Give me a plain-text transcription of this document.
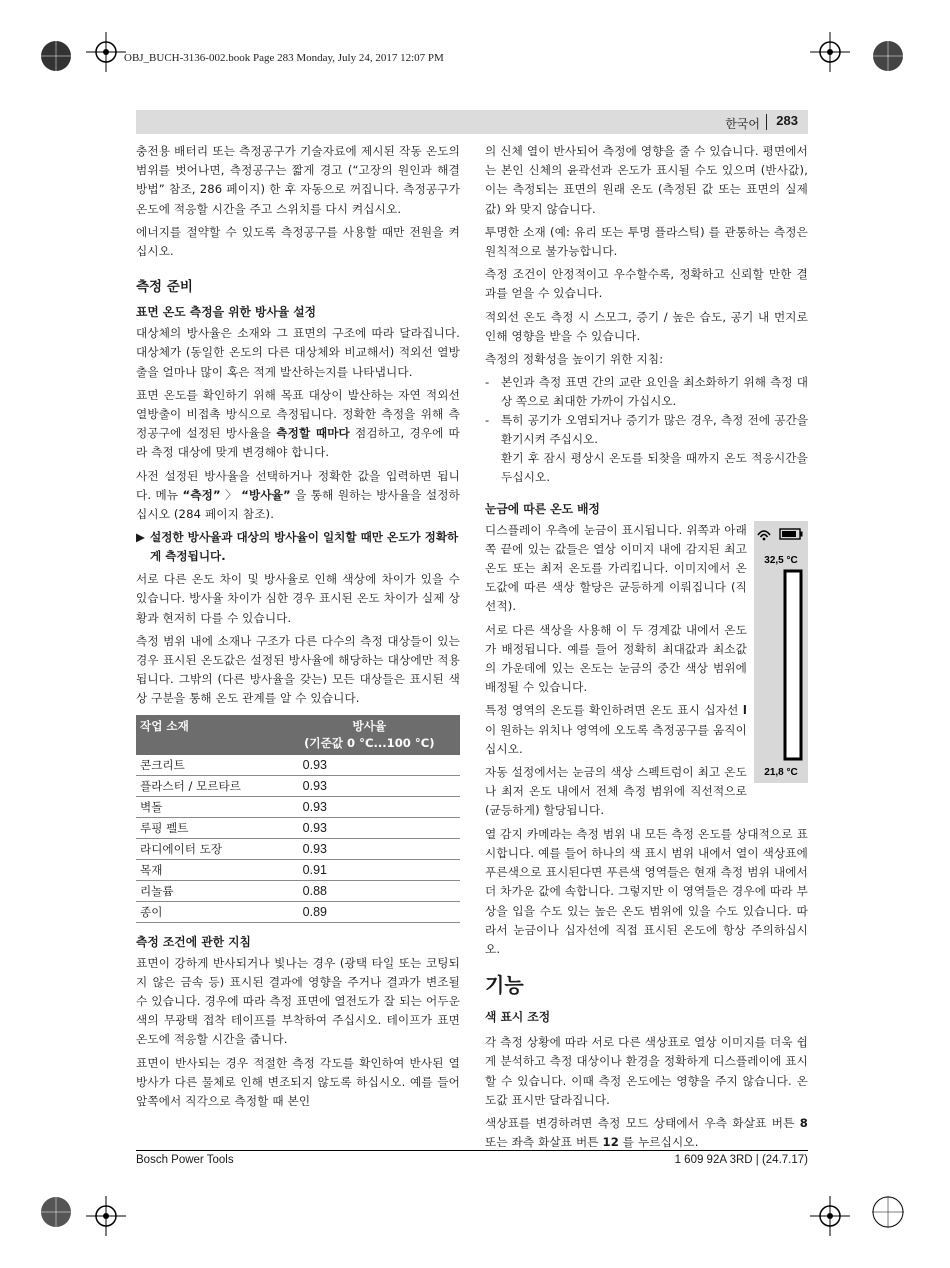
OBJ_BUCH-3136-002.book Page 283 Monday, July 24, 2017 12:07 PM
한국어 283

충전용 배터리 또는 측정공구가 기술자료에 제시된 작동 온도의 범위를 벗어나면, 측정공구는 짧게 경고 (“고장의 원인과 해결 방법” 참조, 286 페이지) 한 후 자동으로 꺼집니다. 측정공구가 온도에 적응할 시간을 주고 스위치를 다시 켜십시오.

에너지를 절약할 수 있도록 측정공구를 사용할 때만 전원을 켜십시오.

측정 준비
표면 온도 측정을 위한 방사율 설정

대상체의 방사율은 소재와 그 표면의 구조에 따라 달라집니다. 대상체가 (동일한 온도의 다른 대상체와 비교해서) 적외선 열방출을 얼마나 많이 혹은 적게 발산하는지를 나타냅니다.

표면 온도를 확인하기 위해 목표 대상이 발산하는 자연 적외선 열방출이 비접촉 방식으로 측정됩니다. 정확한 측정을 위해 측정공구에 설정된 방사율을 측정할 때마다 점검하고, 경우에 따라 측정 대상에 맞게 변경해야 합니다.

사전 설정된 방사율을 선택하거나 정확한 값을 입력하면 됩니다. 메뉴 “측정” 〉 “방사율” 을 통해 원하는 방사율을 설정하십시오 (284 페이지 참조).

▶ 설정한 방사율과 대상의 방사율이 일치할 때만 온도가 정확하게 측정됩니다.

서로 다른 온도 차이 및 방사율로 인해 색상에 차이가 있을 수 있습니다. 방사율 차이가 심한 경우 표시된 온도 차이가 실제 상황과 현저히 다를 수 있습니다.

측정 범위 내에 소재나 구조가 다른 다수의 측정 대상들이 있는 경우 표시된 온도값은 설정된 방사율에 해당하는 대상에만 적용됩니다. 그밖의 (다른 방사율을 갖는) 모든 대상들은 표시된 색상 구분을 통해 온도 관계를 알 수 있습니다.

작업 소재	방사율
(기준값 0 °C...100 °C)

콘크리트	0.93
플라스터 / 모르타르	0.93
벽돌	0.93
루핑 펠트	0.93
라디에이터 도장	0.93
목재	0.91
리놀륨	0.88
종이	0.89
측정 조건에 관한 지침

표면이 강하게 반사되거나 빛나는 경우 (광택 타일 또는 코팅되지 않은 금속 등) 표시된 결과에 영향을 주거나 결과가 변조될 수 있습니다. 경우에 따라 측정 표면에 열전도가 잘 되는 어두운 색의 무광택 접착 테이프를 부착하여 주십시오. 테이프가 표면 온도에 적응할 시간을 줍니다.

표면이 반사되는 경우 적절한 측정 각도를 확인하여 반사된 열 방사가 다른 물체로 인해 변조되지 않도록 하십시오. 예를 들어 앞쪽에서 직각으로 측정할 때 본인

의 신체 열이 반사되어 측정에 영향을 줄 수 있습니다. 평면에서는 본인 신체의 윤곽선과 온도가 표시될 수도 있으며 (반사값), 이는 측정되는 표면의 원래 온도 (측정된 값 또는 표면의 실제값) 와 맞지 않습니다.

투명한 소재 (예: 유리 또는 투명 플라스틱) 를 관통하는 측정은 원칙적으로 불가능합니다.

측정 조건이 안정적이고 우수할수록, 정확하고 신뢰할 만한 결과를 얻을 수 있습니다.

적외선 온도 측정 시 스모그, 증기 / 높은 습도, 공기 내 먼지로 인해 영향을 받을 수 있습니다.

측정의 정확성을 높이기 위한 지침:

-	본인과 측정 표면 간의 교란 요인을 최소화하기 위해 측정 대상 쪽으로 최대한 가까이 가십시오.
-	특히 공기가 오염되거나 증기가 많은 경우, 측정 전에 공간을 환기시켜 주십시오.

환기 후 잠시 평상시 온도를 되찾을 때까지 온도 적응시간을 두십시오.

눈금에 따른 온도 배정
32,5 °C
21,8 °C

디스플레이 우측에 눈금이 표시됩니다. 위쪽과 아래쪽 끝에 있는 값들은 열상 이미지 내에 감지된 최고 온도 또는 최저 온도를 가리킵니다. 이미지에서 온도값에 따른 색상 할당은 균등하게 이뤄집니다 (직선적).

서로 다른 색상을 사용해 이 두 경계값 내에서 온도가 배정됩니다. 예를 들어 정확히 최대값과 최소값의 가운데에 있는 온도는 눈금의 중간 색상 범위에 배정될 수 있습니다.

특정 영역의 온도를 확인하려면 온도 표시 십자선 l 이 원하는 위치나 영역에 오도록 측정공구를 움직이십시오.

자동 설정에서는 눈금의 색상 스펙트럼이 최고 온도나 최저 온도 내에서 전체 측정 범위에 직선적으로 (균등하게) 할당됩니다.

열 감지 카메라는 측정 범위 내 모든 측정 온도를 상대적으로 표시합니다. 예를 들어 하나의 색 표시 범위 내에서 열이 색상표에 푸른색으로 표시된다면 푸른색 영역들은 현재 측정 범위 내에서 더 차가운 값에 속합니다. 그렇지만 이 영역들은 경우에 따라 부상을 입을 수도 있는 높은 온도 범위에 있을 수도 있습니다. 따라서 눈금이나 십자선에 직접 표시된 온도에 항상 주의하십시오.

기능
색 표시 조정

각 측정 상황에 따라 서로 다른 색상표로 열상 이미지를 더욱 쉽게 분석하고 측정 대상이나 환경을 정확하게 디스플레이에 표시할 수 있습니다. 이때 측정 온도에는 영향을 주지 않습니다. 온도값 표시만 달라집니다.

색상표를 변경하려면 측정 모드 상태에서 우측 화살표 버튼 8 또는 좌측 화살표 버튼 12 를 누르십시오.

Bosch Power Tools	1 609 92A 3RD | (24.7.17)
